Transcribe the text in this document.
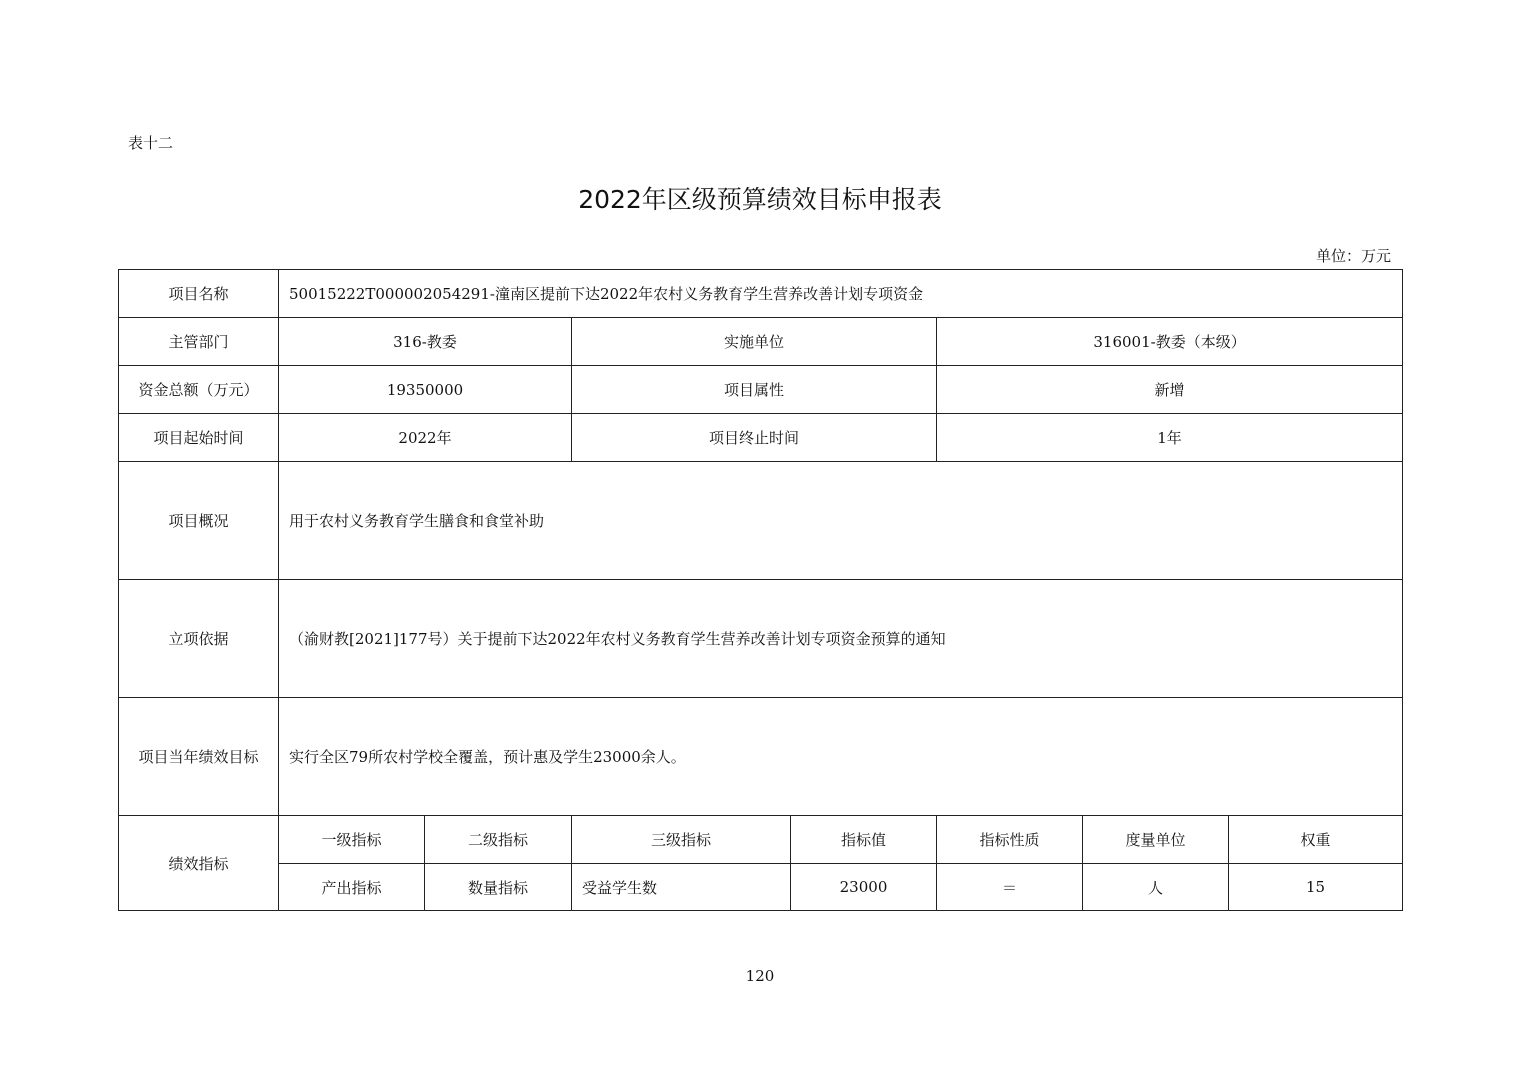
表十二
2022年区级预算绩效目标申报表
单位：万元
项目名称	50015222T000002054291-潼南区提前下达2022年农村义务教育学生营养改善计划专项资金						
主管部门	316-教委		实施单位		316001-教委（本级）		
资金总额（万元）	19350000		项目属性		新增		
项目起始时间	2022年		项目终止时间		1年		
项目概况	用于农村义务教育学生膳食和食堂补助						
立项依据	（渝财教[2021]177号）关于提前下达2022年农村义务教育学生营养改善计划专项资金预算的通知						
项目当年绩效目标	实行全区79所农村学校全覆盖，预计惠及学生23000余人。						
绩效指标	一级指标	二级指标	三级指标	指标值	指标性质	度量单位	权重
	产出指标	数量指标	受益学生数	23000	＝	人	15
120
